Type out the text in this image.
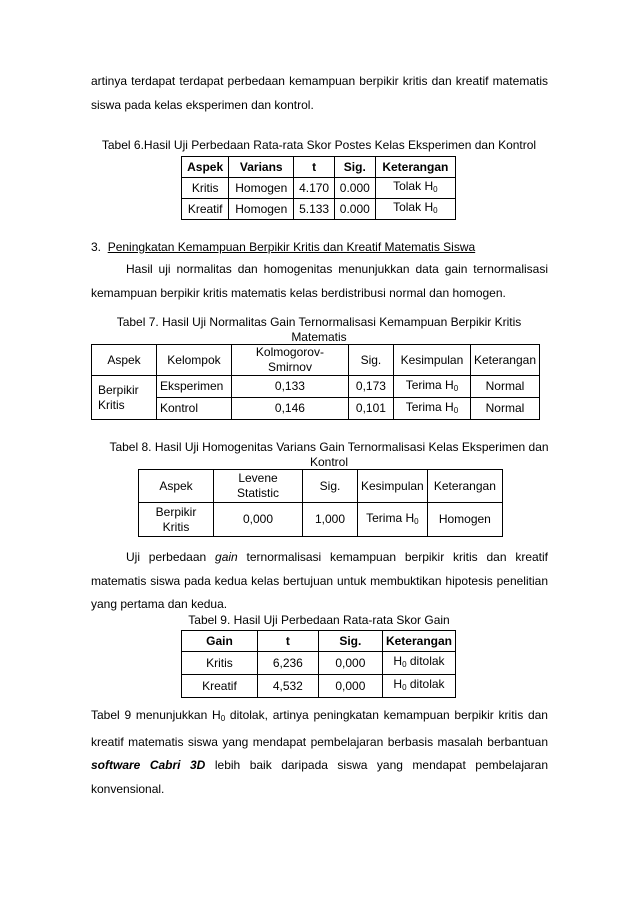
artinya terdapat terdapat perbedaan kemampuan berpikir kritis dan kreatif matematis siswa pada kelas eksperimen dan kontrol.

Tabel 6.Hasil Uji Perbedaan Rata-rata Skor Postes Kelas Eksperimen dan Kontrol

Aspek	Varians	t	Sig.	Keterangan
Kritis	Homogen	4.170	0.000	Tolak $H_0$
Kreatif	Homogen	5.133	0.000	Tolak $H_0$

3. Peningkatan Kemampuan Berpikir Kritis dan Kreatif Matematis Siswa

Hasil uji normalitas dan homogenitas menunjukkan data gain ternormalisasi kemampuan berpikir kritis matematis kelas berdistribusi normal dan homogen.

Tabel 7. Hasil Uji Normalitas Gain Ternormalisasi Kemampuan Berpikir Kritis
Matematis

Aspek	Kelompok	Kolmogorov-Smirnov	Sig.	Kesimpulan	Keterangan
Berpikir Kritis	Eksperimen	0,133	0,173	Terima $H_0$	Normal
	Kontrol	0,146	0,101	Terima $H_0$	Normal

Tabel 8. Hasil Uji Homogenitas Varians Gain Ternormalisasi Kelas Eksperimen dan
Kontrol

Aspek	Levene Statistic	Sig.	Kesimpulan	Keterangan
Berpikir Kritis	0,000	1,000	Terima $H_0$	Homogen

Uji perbedaan gain ternormalisasi kemampuan berpikir kritis dan kreatif matematis siswa pada kedua kelas bertujuan untuk membuktikan hipotesis penelitian yang pertama dan kedua.

Tabel 9. Hasil Uji Perbedaan Rata-rata Skor Gain

Gain	t	Sig.	Keterangan
Kritis	6,236	0,000	$H_0$ ditolak
Kreatif	4,532	0,000	$H_0$ ditolak

Tabel 9 menunjukkan $H_0$ ditolak, artinya peningkatan kemampuan berpikir kritis dan kreatif matematis siswa yang mendapat pembelajaran berbasis masalah berbantuan software Cabri 3D lebih baik daripada siswa yang mendapat pembelajaran konvensional.
